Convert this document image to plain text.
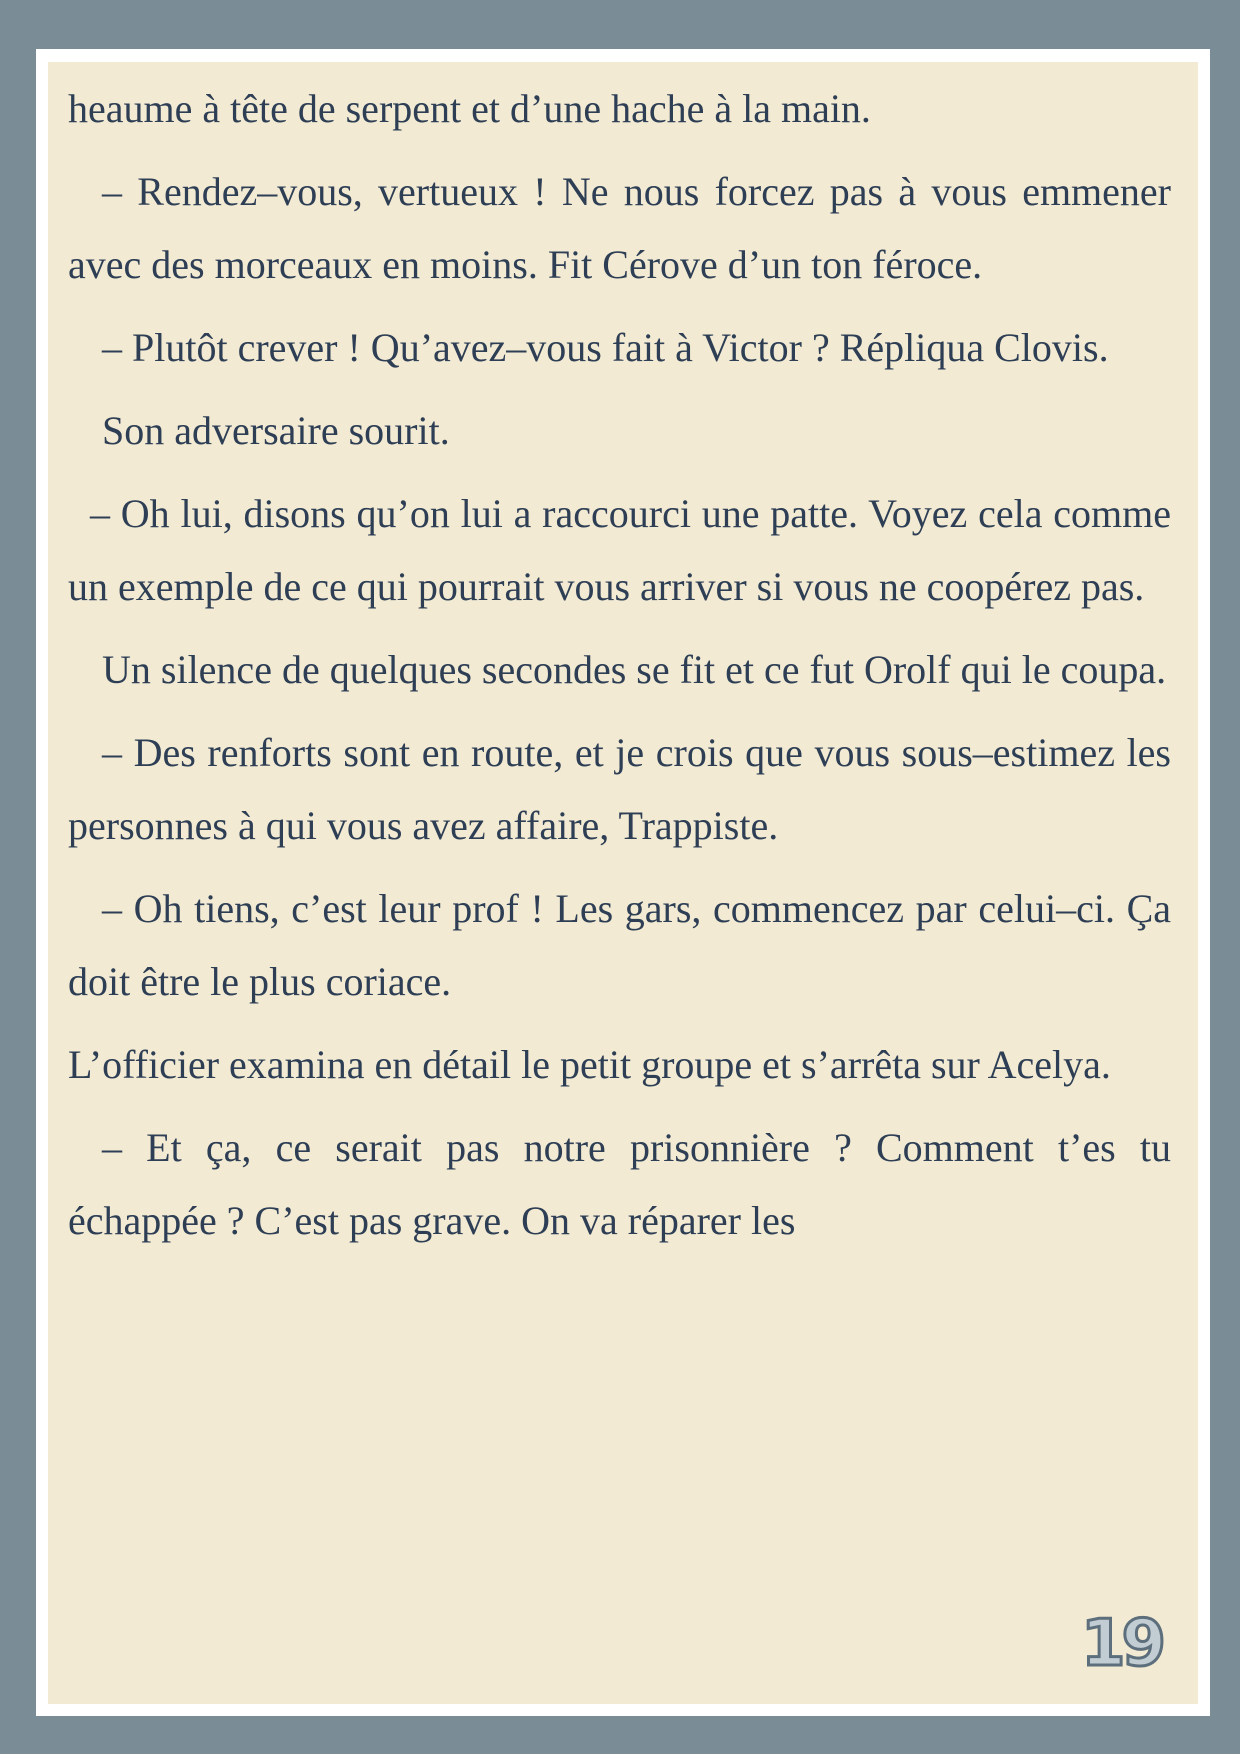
heaume à tête de serpent et d’une hache à la main.

– Rendez–vous, vertueux ! Ne nous forcez pas à vous emmener avec des morceaux en moins. Fit Cérove d’un ton féroce.

– Plutôt crever ! Qu’avez–vous fait à Victor ? Répliqua Clovis.

Son adversaire sourit.

– Oh lui, disons qu’on lui a raccourci une patte. Voyez cela comme un exemple de ce qui pourrait vous arriver si vous ne coopérez pas.

Un silence de quelques secondes se fit et ce fut Orolf qui le coupa.

– Des renforts sont en route, et je crois que vous sous–estimez les personnes à qui vous avez affaire, Trappiste.

– Oh tiens, c’est leur prof ! Les gars, commencez par celui–ci. Ça doit être le plus coriace.

L’officier examina en détail le petit groupe et s’arrêta sur Acelya.

– Et ça, ce serait pas notre prisonnière ? Comment t’es tu échappée ? C’est pas grave. On va réparer les

19
